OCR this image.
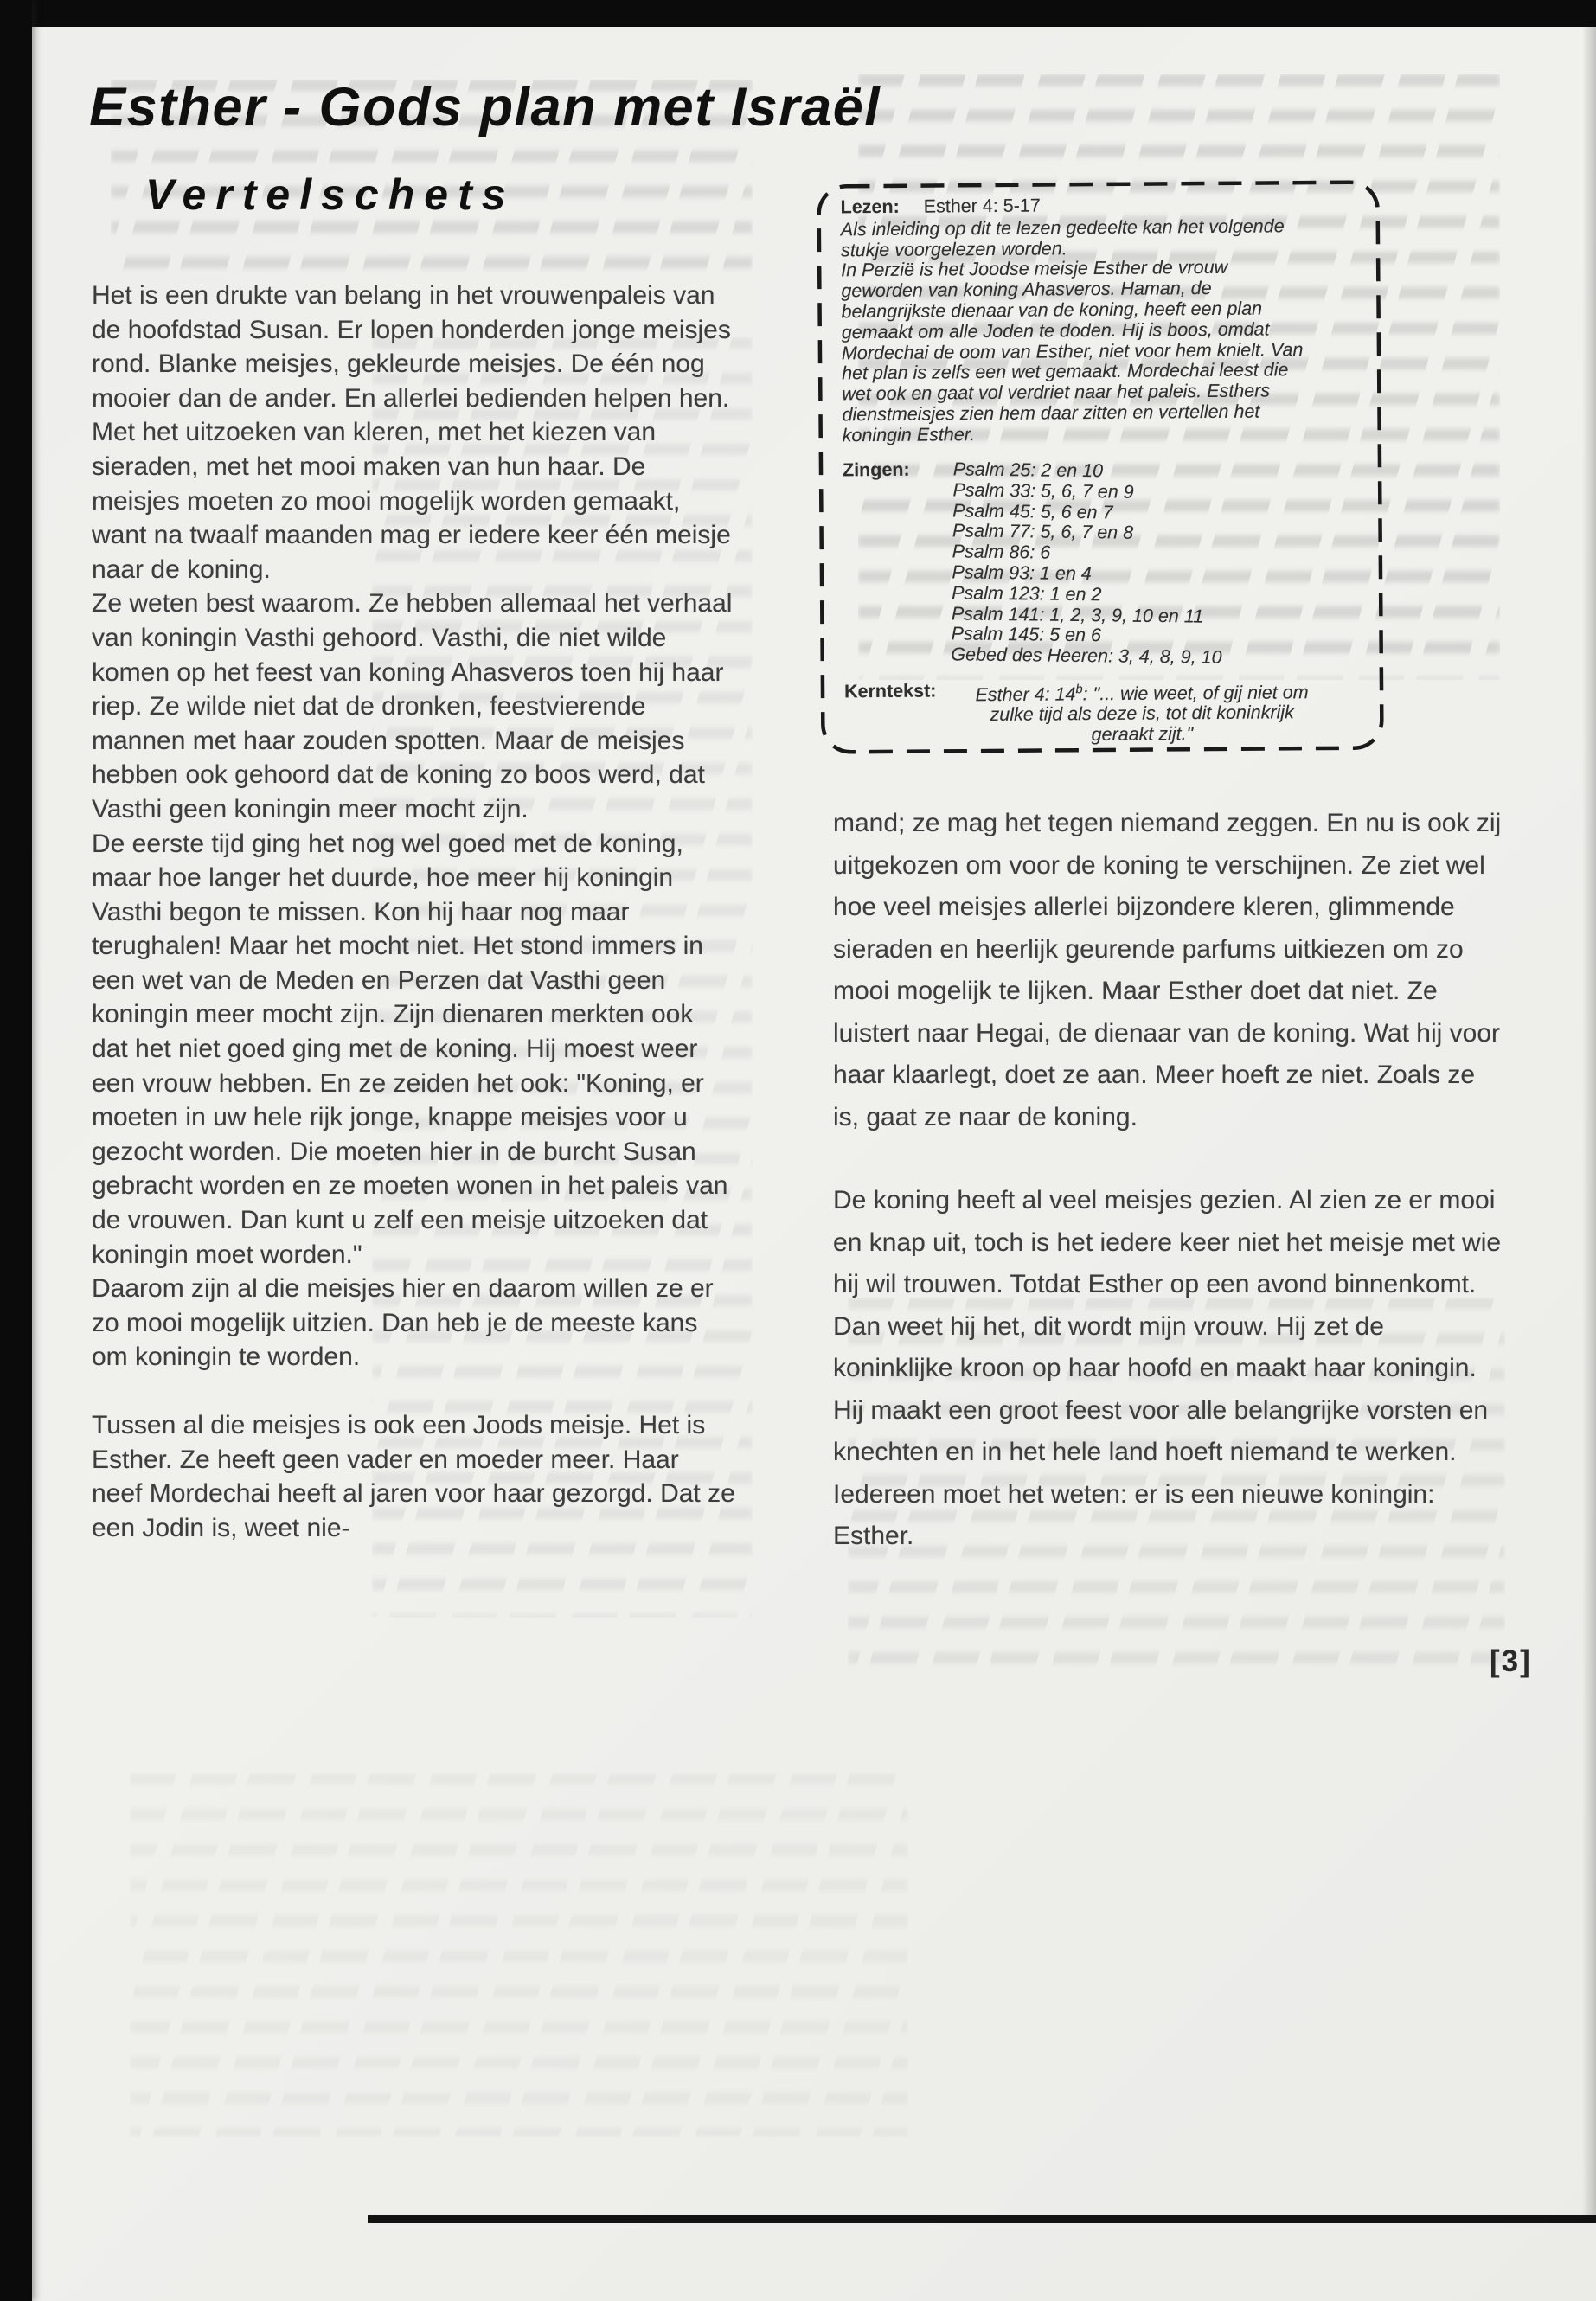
Esther - Gods plan met Israël
Vertelschets

Het is een drukte van belang in het vrouwenpaleis van de hoofdstad Susan. Er lopen honderden jonge meisjes rond. Blanke meisjes, gekleurde meisjes. De één nog mooier dan de ander. En allerlei bedienden helpen hen. Met het uitzoeken van kleren, met het kiezen van sieraden, met het mooi maken van hun haar. De meisjes moeten zo mooi mogelijk worden gemaakt, want na twaalf maanden mag er iedere keer één meisje naar de koning.

Ze weten best waarom. Ze hebben allemaal het verhaal van koningin Vasthi gehoord. Vasthi, die niet wilde komen op het feest van koning Ahasveros toen hij haar riep. Ze wilde niet dat de dronken, feestvierende mannen met haar zouden spotten. Maar de meisjes hebben ook gehoord dat de koning zo boos werd, dat Vasthi geen koningin meer mocht zijn.

De eerste tijd ging het nog wel goed met de koning, maar hoe langer het duurde, hoe meer hij koningin Vasthi begon te missen. Kon hij haar nog maar terughalen! Maar het mocht niet. Het stond immers in een wet van de Meden en Perzen dat Vasthi geen koningin meer mocht zijn. Zijn dienaren merkten ook dat het niet goed ging met de koning. Hij moest weer een vrouw hebben. En ze zeiden het ook: "Koning, er moeten in uw hele rijk jonge, knappe meisjes voor u gezocht worden. Die moeten hier in de burcht Susan gebracht worden en ze moeten wonen in het paleis van de vrouwen. Dan kunt u zelf een meisje uitzoeken dat koningin moet worden."

Daarom zijn al die meisjes hier en daarom willen ze er zo mooi mogelijk uitzien. Dan heb je de meeste kans om koningin te worden.

Tussen al die meisjes is ook een Joods meisje. Het is Esther. Ze heeft geen vader en moeder meer. Haar neef Mordechai heeft al jaren voor haar gezorgd. Dat ze een Jodin is, weet nie-

Lezen: Esther 4: 5-17

Als inleiding op dit te lezen gedeelte kan het volgende stukje voorgelezen worden.

In Perzië is het Joodse meisje Esther de vrouw geworden van koning Ahasveros. Haman, de belangrijkste dienaar van de koning, heeft een plan gemaakt om alle Joden te doden. Hij is boos, omdat Mordechai de oom van Esther, niet voor hem knielt. Van het plan is zelfs een wet gemaakt. Mordechai leest die wet ook en gaat vol verdriet naar het paleis. Esthers dienstmeisjes zien hem daar zitten en vertellen het koningin Esther.

Zingen:	Psalm 25: 2 en 10
Psalm 33: 5, 6, 7 en 9
Psalm 45: 5, 6 en 7
Psalm 77: 5, 6, 7 en 8
Psalm 86: 6
Psalm 93: 1 en 4
Psalm 123: 1 en 2
Psalm 141: 1, 2, 3, 9, 10 en 11
Psalm 145: 5 en 6
Gebed des Heeren: 3, 4, 8, 9, 10
Kerntekst:	Esther 4: 14$^b$: "... wie weet, of gij niet om zulke tijd als deze is, tot dit koninkrijk geraakt zijt."

mand; ze mag het tegen niemand zeggen. En nu is ook zij uitgekozen om voor de koning te verschijnen. Ze ziet wel hoe veel meisjes allerlei bijzondere kleren, glimmende sieraden en heerlijk geurende parfums uitkiezen om zo mooi mogelijk te lijken. Maar Esther doet dat niet. Ze luistert naar Hegai, de dienaar van de koning. Wat hij voor haar klaarlegt, doet ze aan. Meer hoeft ze niet. Zoals ze is, gaat ze naar de koning.

De koning heeft al veel meisjes gezien. Al zien ze er mooi en knap uit, toch is het iedere keer niet het meisje met wie hij wil trouwen. Totdat Esther op een avond binnenkomt. Dan weet hij het, dit wordt mijn vrouw. Hij zet de koninklijke kroon op haar hoofd en maakt haar koningin. Hij maakt een groot feest voor alle belangrijke vorsten en knechten en in het hele land hoeft niemand te werken. Iedereen moet het weten: er is een nieuwe koningin: Esther.

[3]
